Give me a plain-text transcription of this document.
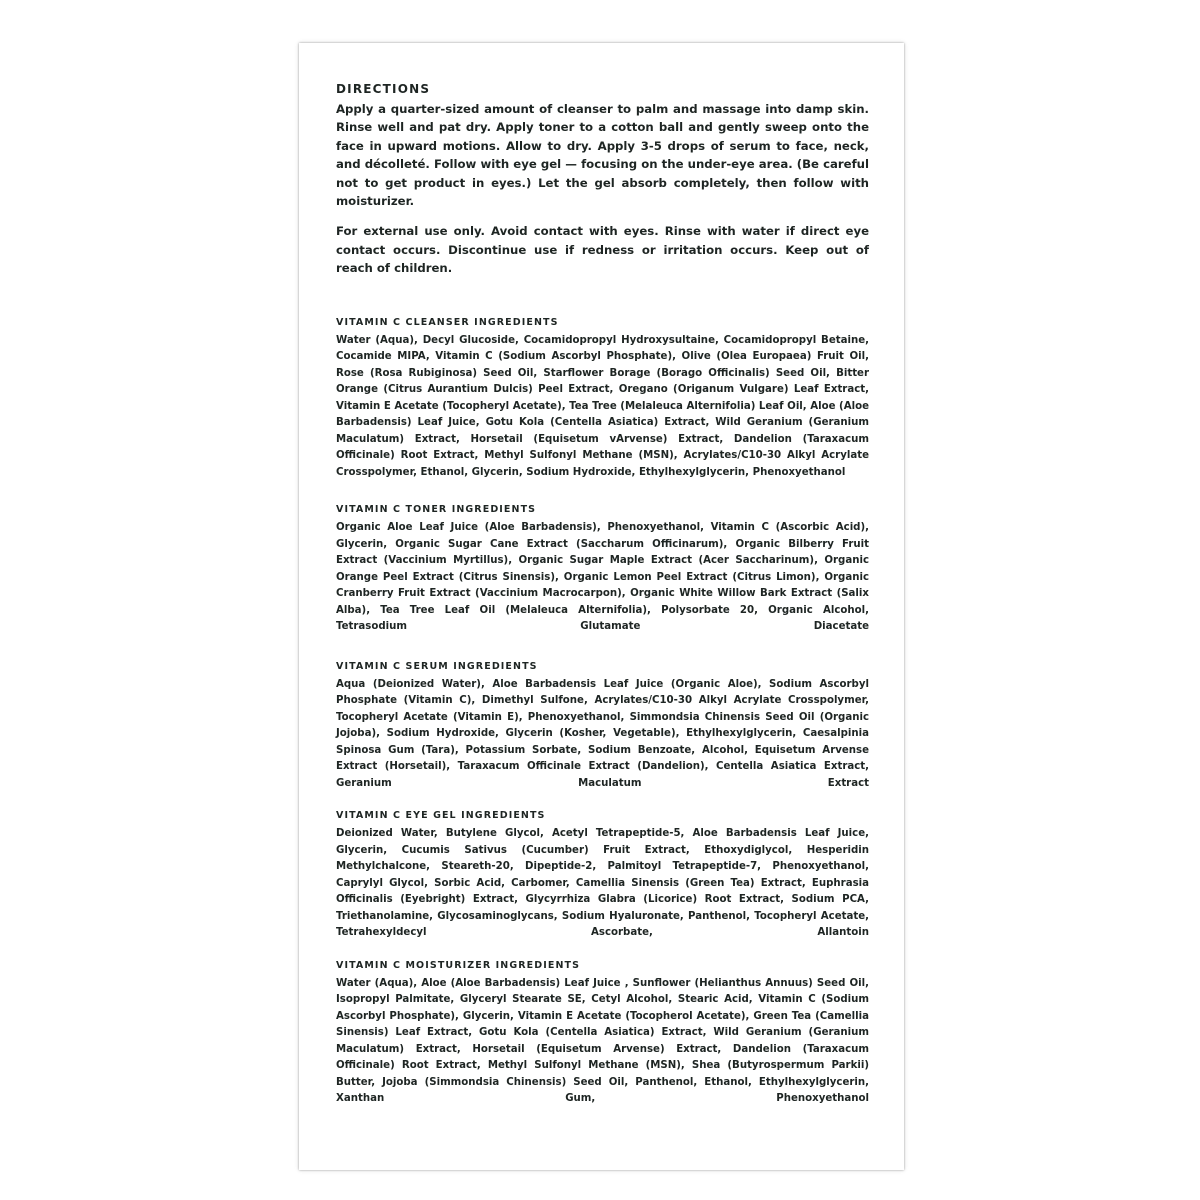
DIRECTIONS

Apply a quarter-sized amount of cleanser to palm and massage into damp skin. Rinse well and pat dry. Apply toner to a cotton ball and gently sweep onto the face in upward motions. Allow to dry. Apply 3-5 drops of serum to face, neck, and décolleté. Follow with eye gel — focusing on the under-eye area. (Be careful not to get product in eyes.) Let the gel absorb completely, then follow with moisturizer.

For external use only. Avoid contact with eyes. Rinse with water if direct eye contact occurs. Discontinue use if redness or irritation occurs. Keep out of reach of children.

VITAMIN C CLEANSER INGREDIENTS

Water (Aqua), Decyl Glucoside, Cocamidopropyl Hydroxysultaine, Cocamidopropyl Betaine, Cocamide MIPA, Vitamin C (Sodium Ascorbyl Phosphate), Olive (Olea Europaea) Fruit Oil, Rose (Rosa Rubiginosa) Seed Oil, Starflower Borage (Borago Officinalis) Seed Oil, Bitter Orange (Citrus Aurantium Dulcis) Peel Extract, Oregano (Origanum Vulgare) Leaf Extract, Vitamin E Acetate (Tocopheryl Acetate), Tea Tree (Melaleuca Alternifolia) Leaf Oil, Aloe (Aloe Barbadensis) Leaf Juice, Gotu Kola (Centella Asiatica) Extract, Wild Geranium (Geranium Maculatum) Extract, Horsetail (Equisetum vArvense) Extract, Dandelion (Taraxacum Officinale) Root Extract, Methyl Sulfonyl Methane (MSN), Acrylates/C10-30 Alkyl Acrylate Crosspolymer, Ethanol, Glycerin, Sodium Hydroxide, Ethylhexylglycerin, Phenoxyethanol

VITAMIN C TONER INGREDIENTS

Organic Aloe Leaf Juice (Aloe Barbadensis), Phenoxyethanol, Vitamin C (Ascorbic Acid), Glycerin, Organic Sugar Cane Extract (Saccharum Officinarum), Organic Bilberry Fruit Extract (Vaccinium Myrtillus), Organic Sugar Maple Extract (Acer Saccharinum), Organic Orange Peel Extract (Citrus Sinensis), Organic Lemon Peel Extract (Citrus Limon), Organic Cranberry Fruit Extract (Vaccinium Macrocarpon), Organic White Willow Bark Extract (Salix Alba), Tea Tree Leaf Oil (Melaleuca Alternifolia), Polysorbate 20, Organic Alcohol, Tetrasodium Glutamate Diacetate

VITAMIN C SERUM INGREDIENTS

Aqua (Deionized Water), Aloe Barbadensis Leaf Juice (Organic Aloe), Sodium Ascorbyl Phosphate (Vitamin C), Dimethyl Sulfone, Acrylates/C10-30 Alkyl Acrylate Crosspolymer, Tocopheryl Acetate (Vitamin E), Phenoxyethanol, Simmondsia Chinensis Seed Oil (Organic Jojoba), Sodium Hydroxide, Glycerin (Kosher, Vegetable), Ethylhexylglycerin, Caesalpinia Spinosa Gum (Tara), Potassium Sorbate, Sodium Benzoate, Alcohol, Equisetum Arvense Extract (Horsetail), Taraxacum Officinale Extract (Dandelion), Centella Asiatica Extract, Geranium Maculatum Extract

VITAMIN C EYE GEL INGREDIENTS

Deionized Water, Butylene Glycol, Acetyl Tetrapeptide-5, Aloe Barbadensis Leaf Juice, Glycerin, Cucumis Sativus (Cucumber) Fruit Extract, Ethoxydiglycol, Hesperidin Methylchalcone, Steareth-20, Dipeptide-2, Palmitoyl Tetrapeptide-7, Phenoxyethanol, Caprylyl Glycol, Sorbic Acid, Carbomer, Camellia Sinensis (Green Tea) Extract, Euphrasia Officinalis (Eyebright) Extract, Glycyrrhiza Glabra (Licorice) Root Extract, Sodium PCA, Triethanolamine, Glycosaminoglycans, Sodium Hyaluronate, Panthenol, Tocopheryl Acetate, Tetrahexyldecyl Ascorbate, Allantoin

VITAMIN C MOISTURIZER INGREDIENTS

Water (Aqua), Aloe (Aloe Barbadensis) Leaf Juice , Sunflower (Helianthus Annuus) Seed Oil, Isopropyl Palmitate, Glyceryl Stearate SE, Cetyl Alcohol, Stearic Acid, Vitamin C (Sodium Ascorbyl Phosphate), Glycerin, Vitamin E Acetate (Tocopherol Acetate), Green Tea (Camellia Sinensis) Leaf Extract, Gotu Kola (Centella Asiatica) Extract, Wild Geranium (Geranium Maculatum) Extract, Horsetail (Equisetum Arvense) Extract, Dandelion (Taraxacum Officinale) Root Extract, Methyl Sulfonyl Methane (MSN), Shea (Butyrospermum Parkii) Butter, Jojoba (Simmondsia Chinensis) Seed Oil, Panthenol, Ethanol, Ethylhexylglycerin, Xanthan Gum, Phenoxyethanol
